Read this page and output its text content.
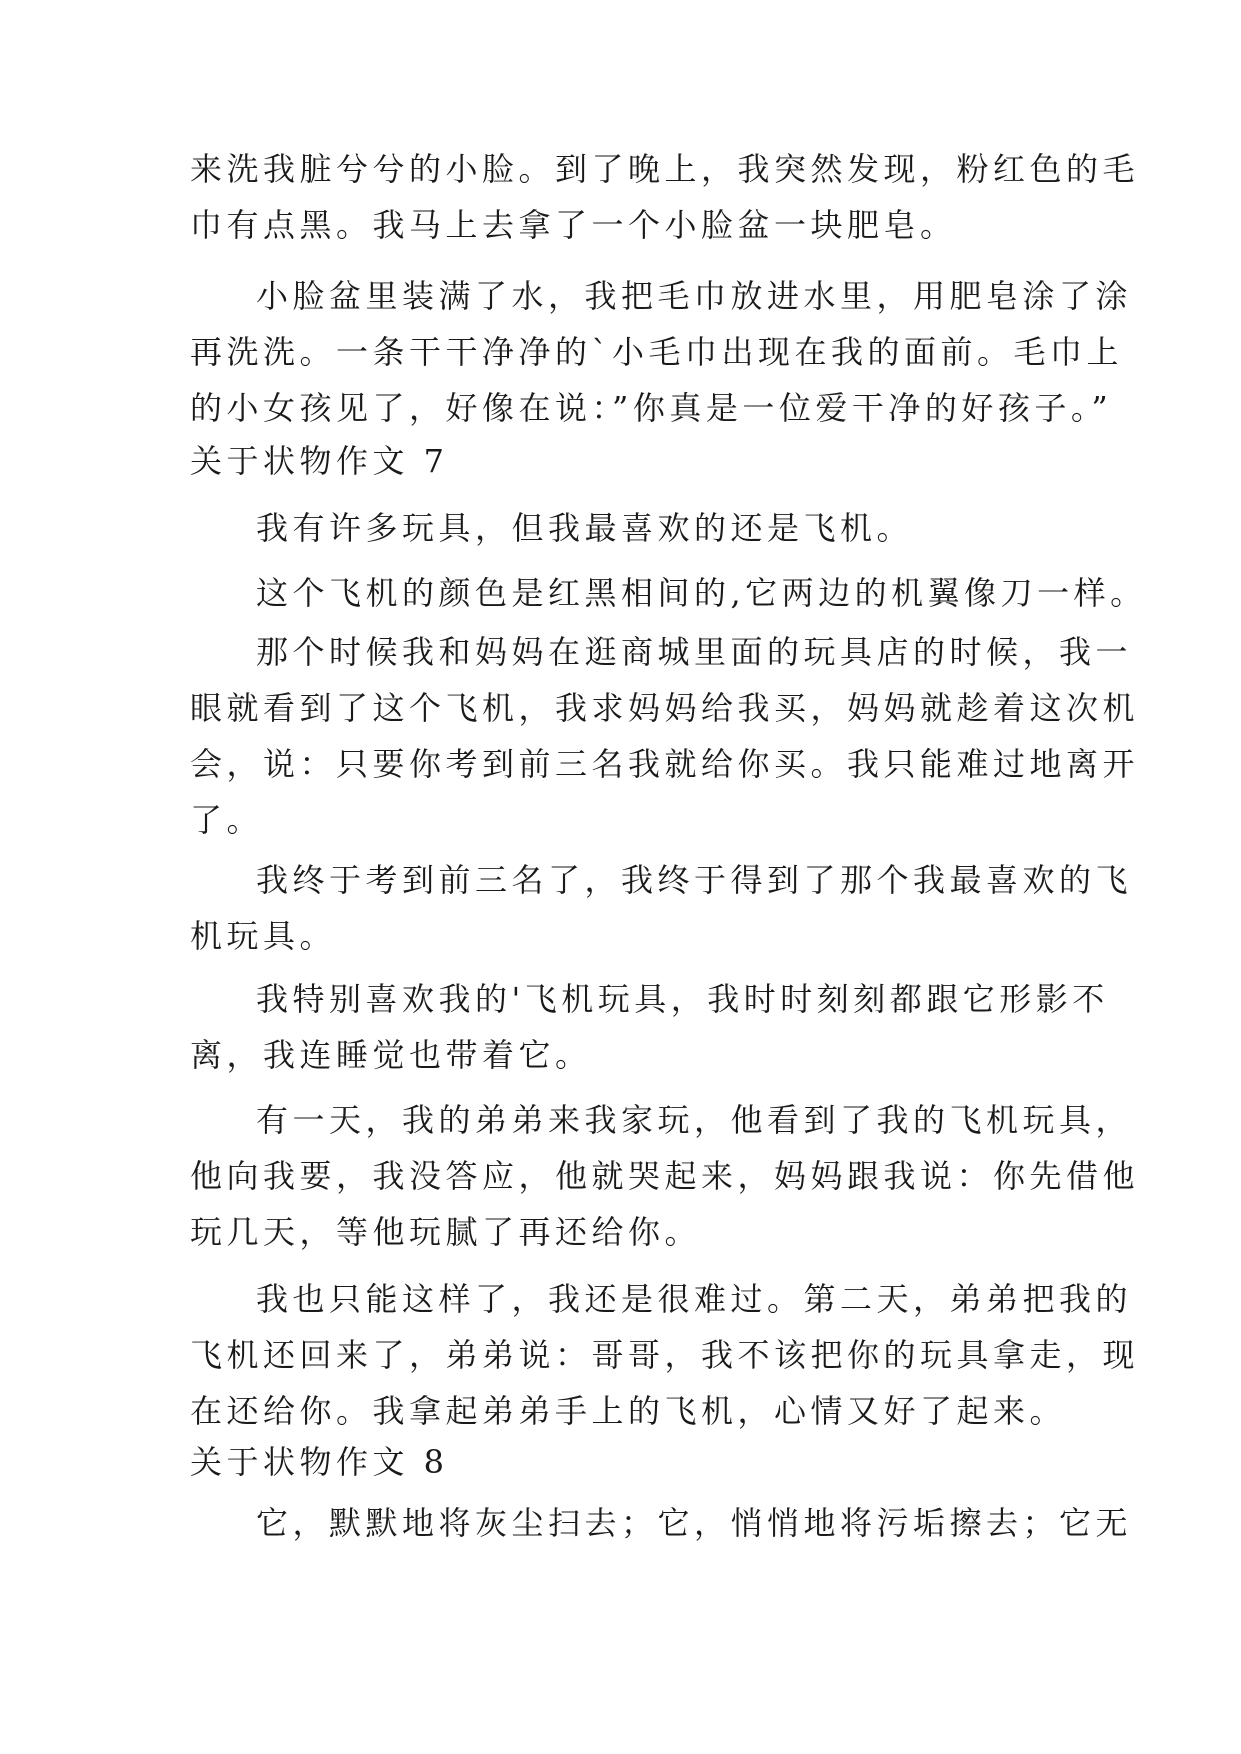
来洗我脏兮兮的小脸。到了晚上，我突然发现，粉红色的毛
巾有点黑。我马上去拿了一个小脸盆一块肥皂。
小脸盆里装满了水，我把毛巾放进水里，用肥皂涂了涂
再洗洗。一条干干净净的`小毛巾出现在我的面前。毛巾上
的小女孩见了，好像在说：”你真是一位爱干净的好孩子。”
关于状物作文 7
我有许多玩具，但我最喜欢的还是飞机。
这个飞机的颜色是红黑相间的,它两边的机翼像刀一样。
那个时候我和妈妈在逛商城里面的玩具店的时候，我一
眼就看到了这个飞机，我求妈妈给我买，妈妈就趁着这次机
会，说：只要你考到前三名我就给你买。我只能难过地离开
了。
我终于考到前三名了，我终于得到了那个我最喜欢的飞
机玩具。
我特别喜欢我的'飞机玩具，我时时刻刻都跟它形影不
离，我连睡觉也带着它。
有一天，我的弟弟来我家玩，他看到了我的飞机玩具，
他向我要，我没答应，他就哭起来，妈妈跟我说：你先借他
玩几天，等他玩腻了再还给你。
我也只能这样了，我还是很难过。第二天，弟弟把我的
飞机还回来了，弟弟说：哥哥，我不该把你的玩具拿走，现
在还给你。我拿起弟弟手上的飞机，心情又好了起来。
关于状物作文 8
它，默默地将灰尘扫去；它，悄悄地将污垢擦去；它无
